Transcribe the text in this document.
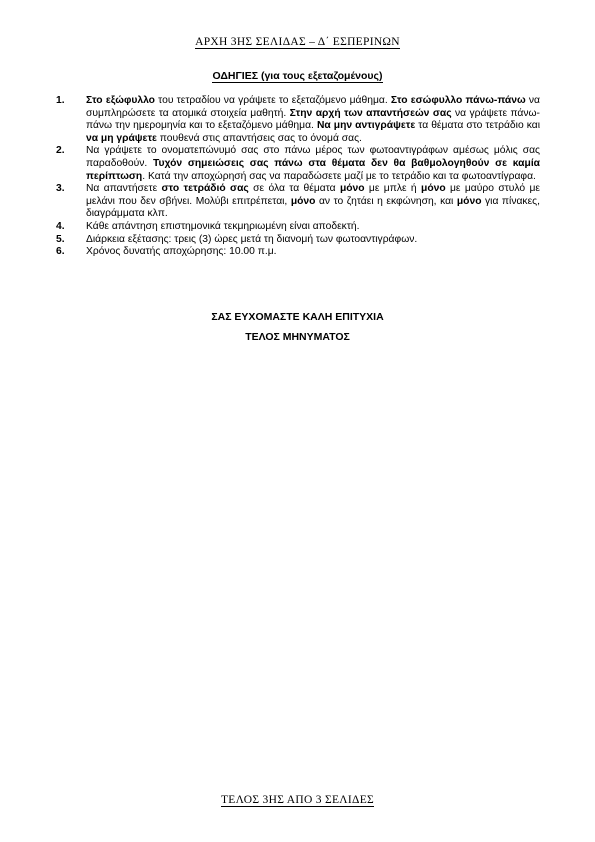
ΑΡΧΗ 3ΗΣ ΣΕΛΙΔΑΣ – Δ΄ ΕΣΠΕΡΙΝΩΝ
ΟΔΗΓΙΕΣ (για τους εξεταζομένους)
1. Στο εξώφυλλο του τετραδίου να γράψετε το εξεταζόμενο μάθημα. Στο εσώφυλλο πάνω-πάνω να συμπληρώσετε τα ατομικά στοιχεία μαθητή. Στην αρχή των απαντήσεών σας να γράψετε πάνω-πάνω την ημερομηνία και το εξεταζόμενο μάθημα. Να μην αντιγράψετε τα θέματα στο τετράδιο και να μη γράψετε πουθενά στις απαντήσεις σας το όνομά σας.
2. Να γράψετε το ονοματεπώνυμό σας στο πάνω μέρος των φωτοαντιγράφων αμέσως μόλις σας παραδοθούν. Τυχόν σημειώσεις σας πάνω στα θέματα δεν θα βαθμολογηθούν σε καμία περίπτωση. Κατά την αποχώρησή σας να παραδώσετε μαζί με το τετράδιο και τα φωτοαντίγραφα.
3. Να απαντήσετε στο τετράδιό σας σε όλα τα θέματα μόνο με μπλε ή μόνο με μαύρο στυλό με μελάνι που δεν σβήνει. Μολύβι επιτρέπεται, μόνο αν το ζητάει η εκφώνηση, και μόνο για πίνακες, διαγράμματα κλπ.
4. Κάθε απάντηση επιστημονικά τεκμηριωμένη είναι αποδεκτή.
5. Διάρκεια εξέτασης: τρεις (3) ώρες μετά τη διανομή των φωτοαντιγράφων.
6. Χρόνος δυνατής αποχώρησης: 10.00 π.μ.
ΣΑΣ ΕΥΧΟΜΑΣΤΕ ΚΑΛΗ ΕΠΙΤΥΧΙΑ
ΤΕΛΟΣ ΜΗΝΥΜΑΤΟΣ
ΤΕΛΟΣ 3ΗΣ ΑΠΟ 3 ΣΕΛΙΔΕΣ
